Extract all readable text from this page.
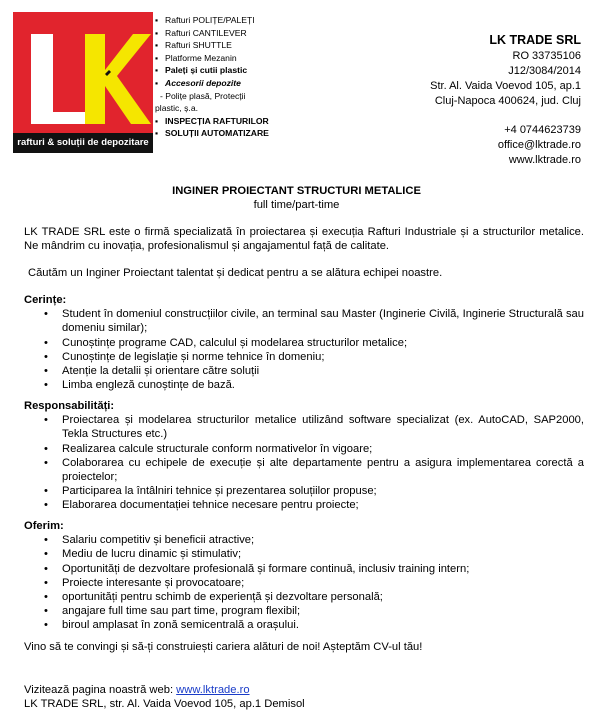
rafturi & soluții de depozitare
▪ Rafturi POLIȚE/PALEȚI
▪ Rafturi CANTILEVER
▪ Rafturi SHUTTLE
▪ Platforme Mezanin
▪ Paleți și cutii plastic
▪ Accesorii depozite
- Polițe plasă, Protecții
plastic, ș.a.
▪ INSPECȚIA RAFTURILOR
▪ SOLUȚII AUTOMATIZARE
LK TRADE SRL
RO 33735106
J12/3084/2014
Str. Al. Vaida Voevod 105, ap.1
Cluj-Napoca 400624, jud. Cluj
+4 0744623739
office@lktrade.ro
www.lktrade.ro
INGINER PROIECTANT STRUCTURI METALICE
full time/part-time
LK TRADE SRL este o firmă specializată în proiectarea și execuția Rafturi Industriale și a structurilor metalice. Ne mândrim cu inovația, profesionalismul și angajamentul față de calitate.
Căutăm un Inginer Proiectant talentat și dedicat pentru a se alătura echipei noastre.
Cerințe:
• Student în domeniul construcțiilor civile, an terminal sau Master (Inginerie Civilă, Inginerie Structurală sau domeniu similar);
• Cunoștințe programe CAD, calculul și modelarea structurilor metalice;
• Cunoștințe de legislație și norme tehnice în domeniu;
• Atenție la detalii și orientare către soluții
• Limba engleză cunoștințe de bază.
Responsabilități:
• Proiectarea și modelarea structurilor metalice utilizând software specializat (ex. AutoCAD, SAP2000, Tekla Structures etc.)
• Realizarea calcule structurale conform normativelor în vigoare;
• Colaborarea cu echipele de execuție și alte departamente pentru a asigura implementarea corectă a proiectelor;
• Participarea la întâlniri tehnice și prezentarea soluțiilor propuse;
• Elaborarea documentației tehnice necesare pentru proiecte;
Oferim:
• Salariu competitiv și beneficii atractive;
• Mediu de lucru dinamic și stimulativ;
• Oportunități de dezvoltare profesională și formare continuă, inclusiv training intern;
• Proiecte interesante și provocatoare;
• oportunități pentru schimb de experiență și dezvoltare personală;
• angajare full time sau part time, program flexibil;
• biroul amplasat în zonă semicentrală a orașului.
Vino să te convingi și să-ți construiești cariera alături de noi! Așteptăm CV-ul tău!
Vizitează pagina noastră web: www.lktrade.ro
LK TRADE SRL, str. Al. Vaida Voevod 105, ap.1 Demisol
